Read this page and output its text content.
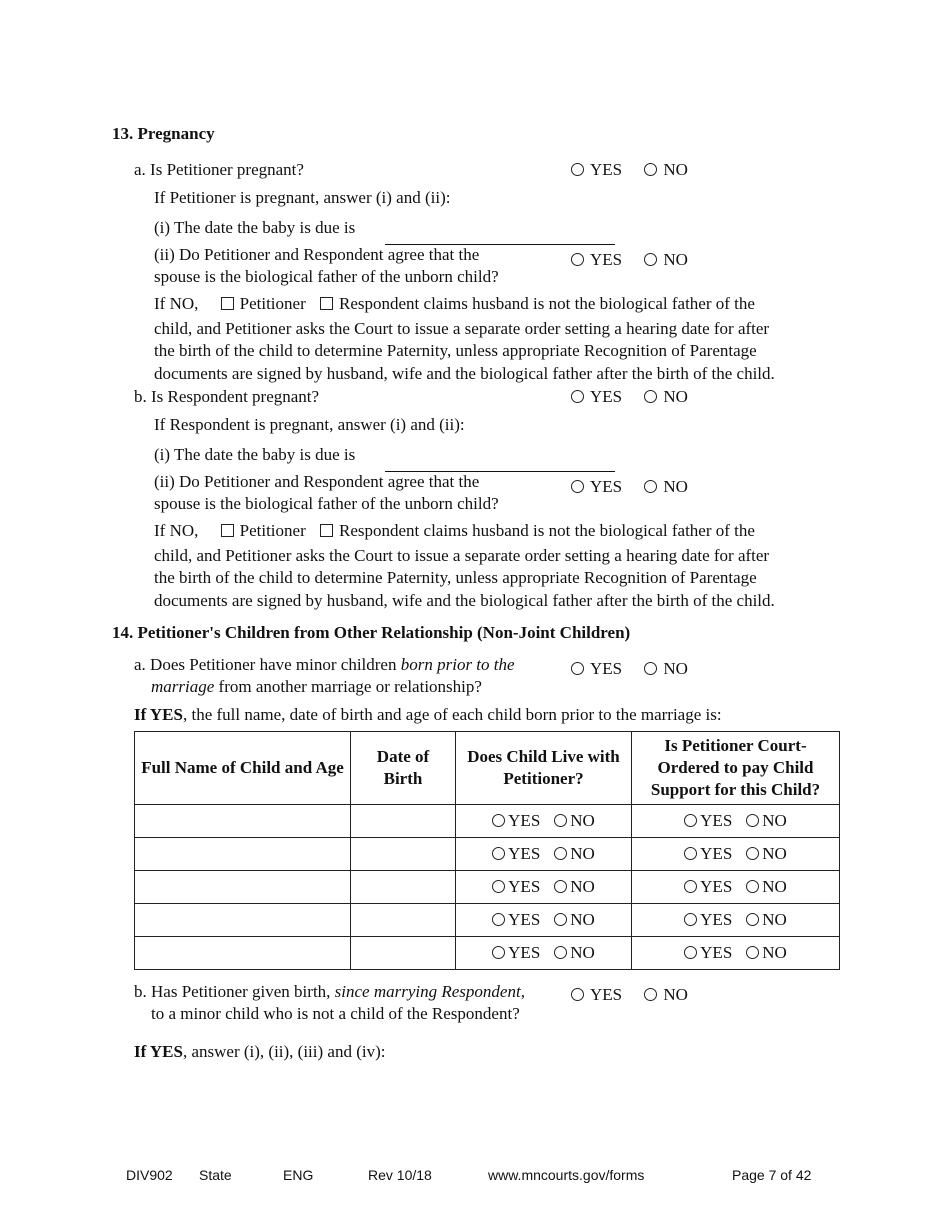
13. Pregnancy
a. Is Petitioner pregnant?	YES NO
If Petitioner is pregnant, answer (i) and (ii):
(i) The date the baby is due is
(ii) Do Petitioner and Respondent agree that the
spouse is the biological father of the unborn child?
YES NO
If NO, Petitioner Respondent claims husband is not the biological father of the
child, and Petitioner asks the Court to issue a separate order setting a hearing date for after
the birth of the child to determine Paternity, unless appropriate Recognition of Parentage
documents are signed by husband, wife and the biological father after the birth of the child.
b. Is Respondent pregnant?	YES NO
If Respondent is pregnant, answer (i) and (ii):
(i) The date the baby is due is
(ii) Do Petitioner and Respondent agree that the
spouse is the biological father of the unborn child?
YES NO
If NO, Petitioner Respondent claims husband is not the biological father of the
child, and Petitioner asks the Court to issue a separate order setting a hearing date for after
the birth of the child to determine Paternity, unless appropriate Recognition of Parentage
documents are signed by husband, wife and the biological father after the birth of the child.
14. Petitioner's Children from Other Relationship (Non-Joint Children)
a. Does Petitioner have minor children born prior to the
marriage from another marriage or relationship?
YES NO
If YES, the full name, date of birth and age of each child born prior to the marriage is:
Full Name of Child and Age	Date of Birth	Does Child Live with Petitioner?	Is Petitioner Court-Ordered to pay Child Support for this Child?
		YES NO	YES NO
		YES NO	YES NO
		YES NO	YES NO
		YES NO	YES NO
		YES NO	YES NO
b. Has Petitioner given birth, since marrying Respondent,
to a minor child who is not a child of the Respondent?
YES NO
If YES, answer (i), (ii), (iii) and (iv):
DIV902 State	ENG	Rev 10/18	www.mncourts.gov/forms	Page 7 of 42
